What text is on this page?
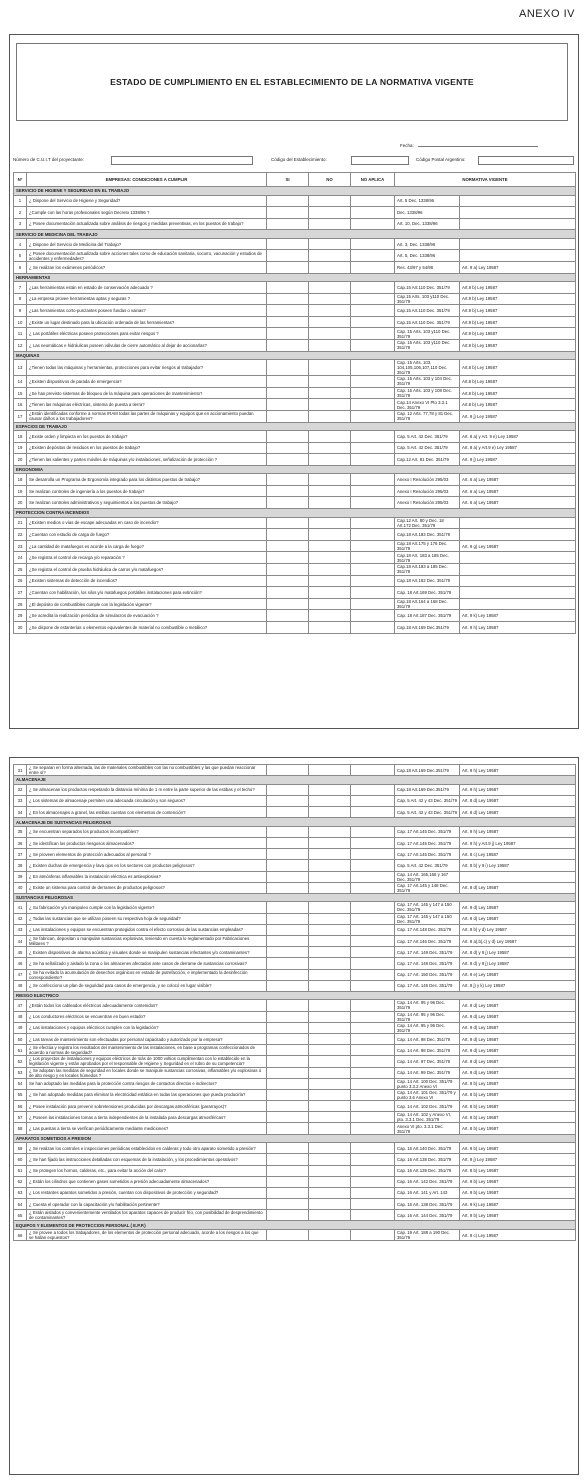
ANEXO IV
ESTADO DE CUMPLIMIENTO EN EL ESTABLECIMIENTO DE LA NORMATIVA VIGENTE
Fecha:
Número de C.U.I.T del proyectante:	Código del Establecimiento:	Código Postal Argentino:
Nº	EMPRESAS: CONDICIONES A CUMPLIR	SI	NO	NO APLICA	NORMATIVA VIGENTE	
SERVICIO DE HIGIENE Y SEGURIDAD EN EL TRABAJO						
1	¿ Dispone del Servicio de Higiene y Seguridad?				Art. 5 Dec. 1338/96	
2	¿Cumple con las horas profesionales según Decreto 1338/96 ?				Dec. 1338/96	
3	¿ Posee documentación actualizada sobre análisis de riesgos y medidas preventivas, en los puestos de trabajo?				Art. 10, Dec. 1338/96	
SERVICIO DE MEDICINA DEL TRABAJO						
4	¿ Dispone del Servicio de Medicina del Trabajo?				Art. 3, Dec. 1338/96	
5	¿ Posee documentación actualizada sobre acciones tales como de educación sanitaria, socorro, vacunación y estudios de accidentes y enfermedades?				Art. 5, Dec. 1338/96	
6	¿ Se realizan los exámenes periódicos?				Res. 43/97 y 54/98	Art. 9 a) Ley 19587
HERRAMIENTAS						
7	¿Las herramientas están en estado de conservación adecuado ?				Cap.15 Art.110 Dec. 351/79	Art.9 b) Ley 19587
8	¿La empresa provee herramientas aptas y seguras ?				Cap.15 Arts. 103 y110 Dec. 351/79	Art.9 b) Ley 19587
9	¿Las herramientas corto-punzantes poseen fundas o vainas?				Cap.15 Art.110 Dec. 351/79	Art.9 b) Ley 19587
10	¿Existe un lugar destinado para la ubicación ordenada de las herramientas?				Cap.15 Art.110 Dec. 351/79	Art.9 b) Ley 19587
11	¿ Las portátiles eléctricas poseen protecciones para evitar riesgos ?				Cap. 15 Arts. 103 y110 Dec. 351/79	Art.9 b) Ley 19587
12	¿ Las neumáticas e hidráulicas poseen válvulas de cierre automático al dejar de accionarlas?				Cap. 15 Arts. 103 y110 Dec. 351/79	Art.9 b) Ley 19587
MAQUINAS						
13	¿Tienen todas las máquinas y herramientas, protecciones para evitar riesgos al trabajador?				Cap. 15 Arts. 103, 104,105,106,107,110 Dec. 351/79	Art.8 b) Ley 19587
14	¿Existen dispositivos de parada de emergencia?				Cap. 15 Arts. 103 y 104 Dec. 351/79	Art.8 b) Ley 19587
15	¿Se han previsto sistemas de bloqueo de la máquina para operaciones de mantenimiento?				Cap. 15 Arts. 103 y 108 Dec. 351/79	Art.8 b) Ley 19587
16	¿Tienen las máquinas eléctricas, sistema de puesta a tierra?				Cap.14 Anexo VI Pto 3.3.1 Dec. 351/79	Art.8 b) Ley 19587
17	¿Están identificadas conforme a normas IRAM todas las partes de máquinas y equipos que en accionamiento puedan causar daños a los trabajadores?				Cap. 12 Arts. 77,78 y 81 Dec. 351/79	Art. 9 j) Ley 19587
ESPACIOS DE TRABAJO						
18	¿Existe orden y limpieza en los puestos de trabajo?				Cap. 5 Art. 42 Dec. 351/79	Art. 8 a) y Art. 9 e) Ley 19587
19	¿Existen depósitos de residuos en los puestos de trabajo?				Cap. 5 Art. 42 Dec. 351/79	Art. 8 a) y Art.9 e) Ley 19587
20	¿Tienen las salientes y partes móviles de máquinas y/o instalaciones, señalización de protección ?				Cap.12 Art. 81 Dec. 351/79	Art. 9 j) Ley 19587
ERGONOMIA						
18	Se desarrolla un Programa de Ergonomía integrado para los distintos puestos de trabajo?				Anexo I Resolución 295/03	Art. 6 a) Ley 19587
19	Se realizan controles de ingeniería a los puestos de trabajo?				Anexo I Resolución 295/03	Art. 6 a) Ley 19587
20	Se realizan controles administrativos y seguimientos a los puestos de trabajo?				Anexo I Resolución 295/03	Art. 6 a) Ley 19587
PROTECCION CONTRA INCENDIOS						
21	¿Existen medios o vías de escape adecuadas en caso de incendio?				Cap.12 Art. 80 y Dec. 18 Art.172 Dec. 351/79	
22	¿Cuentan con estudio de carga de fuego?				Cap.18 Art.183 Dec. 351/79	
23	¿La cantidad de matafuegos es acorde a la carga de fuego?				Cap.18 Art.175 y 176 Dec. 351/79	Art. 9 g) Ley 19587
24	¿Se registra el control de recarga y/o reparación ?				Cap.18 Art. 183 a 185 Dec. 351/79	
25	¿Se registra el control de prueba hidráulica de carros y/o matafuegos?				Cap.18 Art.183 a 185 Dec. 351/79	
26	¿Existen sistemas de detección de incendios?				Cap.18 Art.182 Dec. 351/79	
27	¿Cuentan con habilitación, los silos y/o matafuegos portátiles instalaciones para extinción?				Cap. 18 Art.169 Dec. 351/79	
28	¿El depósito de combustibles cumple con la legislación vigente?				Cap.18 Art.164 a 168 Dec. 351/79	
29	¿Se acredita la realización periódica de simulacros de evacuación ?				Cap. 18 Art.187 Dec. 351/79	Art. 9 k) Ley 19587
30	¿Se dispone de estanterías o elementos equivalentes de material no combustible o metálico?				Cap.18 Art.169 Dec.351/79	Art. 9 h) Ley 19587
31	¿ Se separan en forma alternada, las de materiales combustibles con las no combustibles y las que puedan reaccionar entre sí?				Cap.18 Art.169 Dec.351/79	Art. 9 h) Ley 19587
ALMACENAJE						
32	¿ Se almacenan los productos respetando la distancia mínima de 1 m entre la parte superior de las estibas y el techo?				Cap.18 Art.169 Dec.351/79	Art. 9 h) Ley 19587
33	¿ Los sistemas de almacenaje permiten una adecuada circulación y son seguros?				Cap. 5 Art. 42 y 43 Dec. 351/79	Art. 8 d) Ley 19587
34	¿ En los almacenajes a granel, las estibas cuentan con elementos de contención?				Cap. 5 Art. 42 y 43 Dec. 351/79	Art. 8 d) Ley 19587
ALMACENAJE DE SUSTANCIAS PELIGROSAS						
35	¿ Se encuentran separados los productos incompatibles?				Cap. 17 Art.145 Dec. 351/79	Art. 9 h) Ley 19587
36	¿ Se identifican los productos riesgosos almacenados?				Cap. 17 Art.145 Dec. 351/79	Art. 9 h) y Art.9 j) Ley 19587
37	¿ Se proveen elementos de protección adecuados al personal ?				Cap. 17 Art.145 Dec. 351/79	Art. 8 c) Ley 19587
38	¿ Existen duchas de emergencia y lava ojos en los sectores con productos peligrosos?				Cap. 5 Art. 42 Dec. 351/79	Art. 8 b) y 9 i) Ley 19587
39	¿ En atmósferas inflamables la instalación eléctrica es antiexplosiva?				Cap. 14 Art. 165,166 y 167 Dec. 351/79	
40	¿ Existe un sistema para control de derrames de productos peligrosos?				Cap. 17 Art.145 y 148 Dec. 351/79	Art. 8 d) Ley 19587
SUSTANCIAS PELIGROSAS						
41	¿ Su fabricación y/o manipuleo cumple con la legislación vigente?				Cap. 17 Art. 145 y 147 a 150 Dec. 351/79	Art. 9 d) Ley 19587
42	¿ Todas las sustancias que se utilizan poseen su respectiva hoja de seguridad?				Cap. 17 Art. 145 y 147 a 150 Dec. 351/79	Art. 9 d) Ley 19587
43	¿ Las instalaciones y equipos se encuentran protegidos contra el efecto corrosivo de las sustancias empleadas?				Cap. 17 Art.148 Dec. 351/79	Art. 9 b) y d) Ley 19587
44	¿ Se fabrican, depositan o manipulan sustancias explosivas, teniendo en cuenta lo reglamentado por Fabricaciones Militares ?				Cap. 17 Art.146 Dec. 351/79	Art. 8 a),b),c) y d) Ley 19587
45	¿ Existen dispositivos de alarma acústica y visuales donde se manipulen sustancias infectantes y/o contaminantes?				Cap. 17 Art. 149 Dec. 351/79	Art. 8 d) y 9 j) Ley 19587
46	¿ Se ha señalizado y aislado la zona o los almacenes afectados ante casos de derrame de sustancias corrosivas?				Cap. 17 Art. 148 Dec. 351/79	Art. 8 d) y 9 j) Ley 19587
47	¿ Se ha evitado la acumulación de desechos orgánicos en estado de putrefacción, e implementado la desinfección correspondiente?				Cap. 17 Art. 150 Dec. 351/79	Art. 9 e) Ley 19587
48	¿ Se confecciono un plan de seguridad para casos de emergencia, y se colocó en lugar visible?				Cap. 17 Art. 145 Dec. 351/79	Art. 9 j) y k) Ley 19587
RIESGO ELECTRICO						
47	¿Están todos los cableados eléctricos adecuadamente contenidos?				Cap. 14 Art. 95 y 96 Dec. 351/79	Art. 9 d) Ley 19587
48	¿ Los conductores eléctricos se encuentran en buen estado?				Cap. 14 Art. 95 y 96 Dec. 351/79	Art. 9 d) Ley 19587
49	¿ Las instalaciones y equipos eléctricos cumplen con la legislación?				Cap. 14 Art. 95 y 96 Dec. 351/79	Art. 9 d) Ley 19587
50	¿ Las tareas de mantenimiento son efectuadas por personal capacitado y autorizado por la empresa?				Cap. 14 Art. 98 Dec. 351/79	Art. 9 d) Ley 19587
51	¿ Se efectúa y registra los resultados del mantenimiento de las instalaciones, en base a programas confeccionados de acuerdo a normas de seguridad?				Cap. 14 Art. 98 Dec. 351/79	Art. 9 d) Ley 19587
52	¿ Los proyectos de instalaciones y equipos eléctricos de más de 1000 voltios cumplimentan con lo establecido en la legislación vigente y están aprobados por el responsable de Higiene y Seguridad en el rubro de su competencia?				Cap. 14 Art. 97 Dec. 351/79	Art. 9 d) Ley 19587
53	¿ Se adoptan las medidas de seguridad en locales donde se manipule sustancias corrosivas, inflamables y/o explosivas ó de alto riesgo y en locales húmedos ?				Cap. 14 Art. 99 Dec. 351/79	Art. 9 d) Ley 19587
54	Se han adoptado las medidas para la protección contra riesgos de contactos directos e indirectos?				Cap. 14 Art. 100 Dec. 351/79 punto 3.3.2 Anexo VI	Art. 8 b) Ley 19587
55	¿ Se han adoptado medidas para eliminar la electricidad estática en todas las operaciones que pueda producirla?				Cap. 14 Art. 101 Dec. 351/79 y punto 3.6 Anexo VI	Art. 8 b) Ley 19587
56	¿ Posee instalación para prevenir sobretensiones producidas por descargas atmosféricas (pararrayos)?				Cap. 14 Art. 102 Dec. 351/79	Art. 8 b) Ley 19587
57	¿ Poseen las instalaciones tomas a tierra independientes de la instalada para descargas atmosféricas?				Cap. 14 Art. 102 y Anexo VI, pto. 3.3.1 Dec. 351/79	Art. 8 b) Ley 19587
58	¿ Las puestas a tierra se verifican periódicamente mediante mediciones?				Anexo VI pto. 3.3.1 Dec. 351/79	Art. 8 b) Ley 19587
APARATOS SOMETIDOS A PRESION						
59	¿ Se realizan los controles e inspecciones periódicas establecidos en calderas y todo otro aparato sometido a presión?				Cap. 16 Art.140 Dec. 351/79	Art. 9 b) Ley 19587
60	¿ Se han fijado las instrucciones detalladas con esquemas de la instalación, y los procedimientos operativos?				Cap. 16 Art.138 Dec. 351/79	Art. 9 j) Ley 19587
61	¿ Se protegen los hornos, calderas, etc., para evitar la acción del calor?				Cap. 16 Art.139 Dec. 351/79	Art. 8 b) Ley 19587
62	¿ Están los cilindros que contienen gases sometidos a presión adecuadamente almacenados?				Cap. 16 Art. 142 Dec. 351/79	Art. 9 b) Ley 19587
63	¿ Los restantes aparatos sometidos a presión, cuentan con dispositivos de protección y seguridad?				Cap. 16 Art. 141 y Art. 143	Art. 9 b) Ley 19587
64	¿ Cuenta el operador con la capacitación y/o habilitación pertinente?				Cap. 16 Art. 138 Dec. 351/79	Art. 9 k) Ley 19587
65	¿ Están aislados y convenientemente ventilados los aparatos capaces de producir frío, con posibilidad de desprendimiento de contaminantes?				Cap. 16 Art. 144 Dec. 351/79	Art. 9 b) Ley 19587
EQUIPOS Y ELEMENTOS DE PROTECCION PERSONAL ( E.P.P.)						
66	¿ Se provee a todos los trabajadores, de los elementos de protección personal adecuado, acorde a los riesgos a los que se hallan expuestos?				Cap. 19 Art. 188 a 190 Dec. 351/79	Art. 8 c) Ley 19587
